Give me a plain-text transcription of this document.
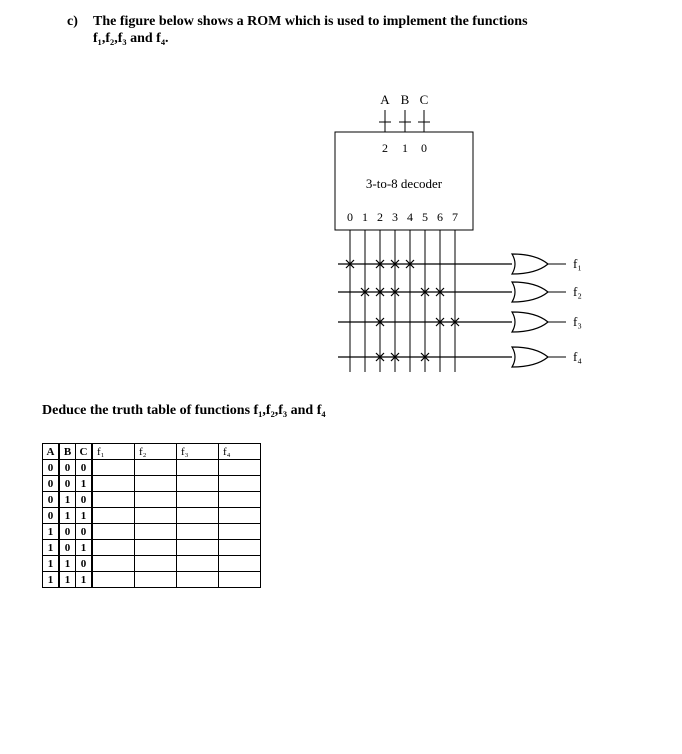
c) The figure below shows a ROM which is used to implement the functions
f₁,f₂,f₃ and f₄.
A B C
2 1 0
3-to-8 decoder
0 1 2 3 4 5 6 7
f₁
f₂
f₃
f₄
Deduce the truth table of functions f₁,f₂,f₃ and f₄
A	B	C	f₁	f₂	f₃	f₄
0	0	0				
0	0	1				
0	1	0				
0	1	1				
1	0	0				
1	0	1				
1	1	0				
1	1	1				
